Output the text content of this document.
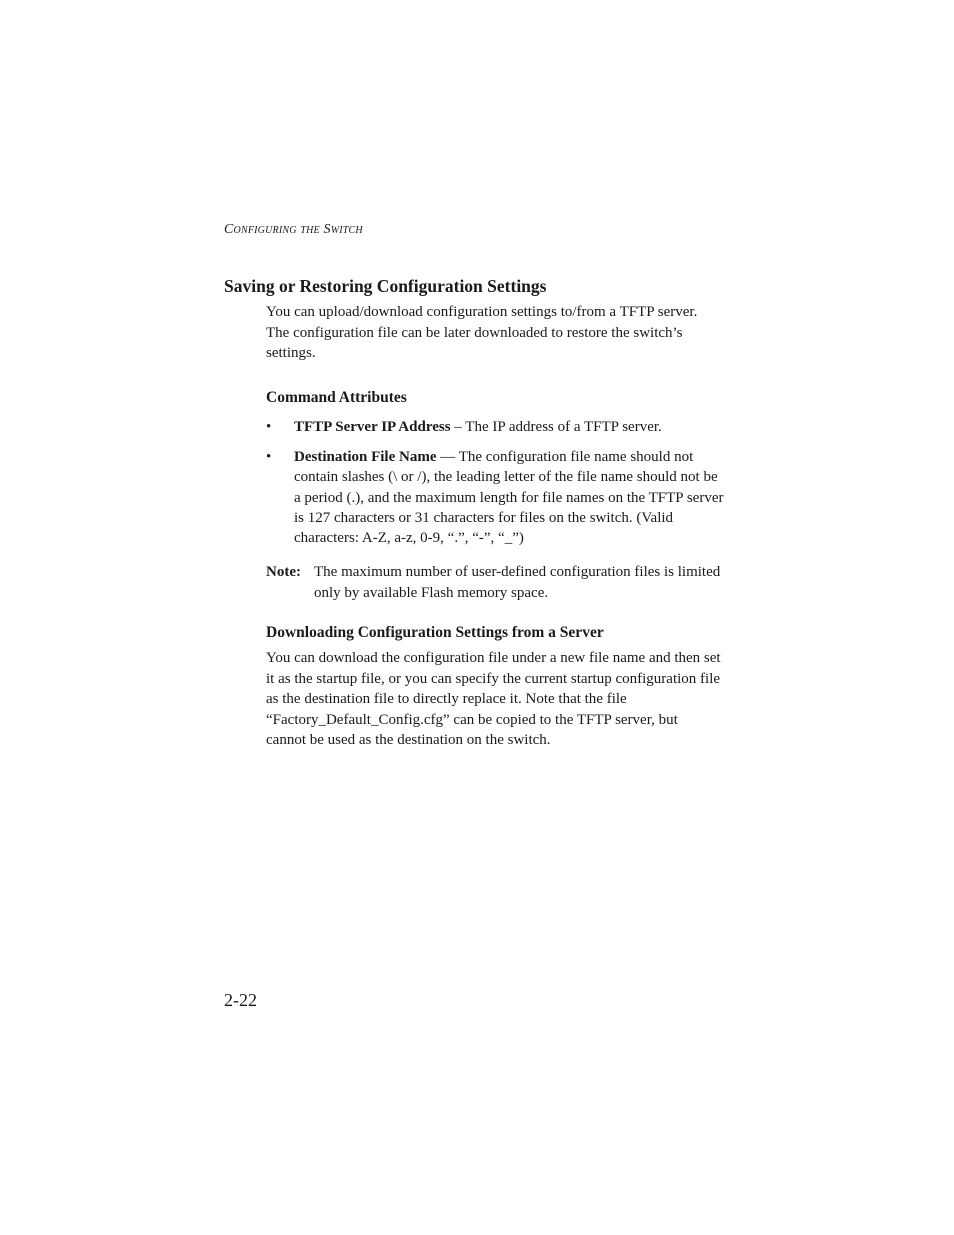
Configuring the Switch
Saving or Restoring Configuration Settings

You can upload/download configuration settings to/from a TFTP server. The configuration file can be later downloaded to restore the switch’s settings.

Command Attributes
• TFTP Server IP Address – The IP address of a TFTP server.
• Destination File Name — The configuration file name should not contain slashes (\ or /), the leading letter of the file name should not be a period (.), and the maximum length for file names on the TFTP server is 127 characters or 31 characters for files on the switch. (Valid characters: A-Z, a-z, 0-9, “.”, “-”, “_”)
Note: The maximum number of user-defined configuration files is limited only by available Flash memory space.
Downloading Configuration Settings from a Server

You can download the configuration file under a new file name and then set it as the startup file, or you can specify the current startup configuration file as the destination file to directly replace it. Note that the file “Factory_Default_Config.cfg” can be copied to the TFTP server, but cannot be used as the destination on the switch.

2-22
